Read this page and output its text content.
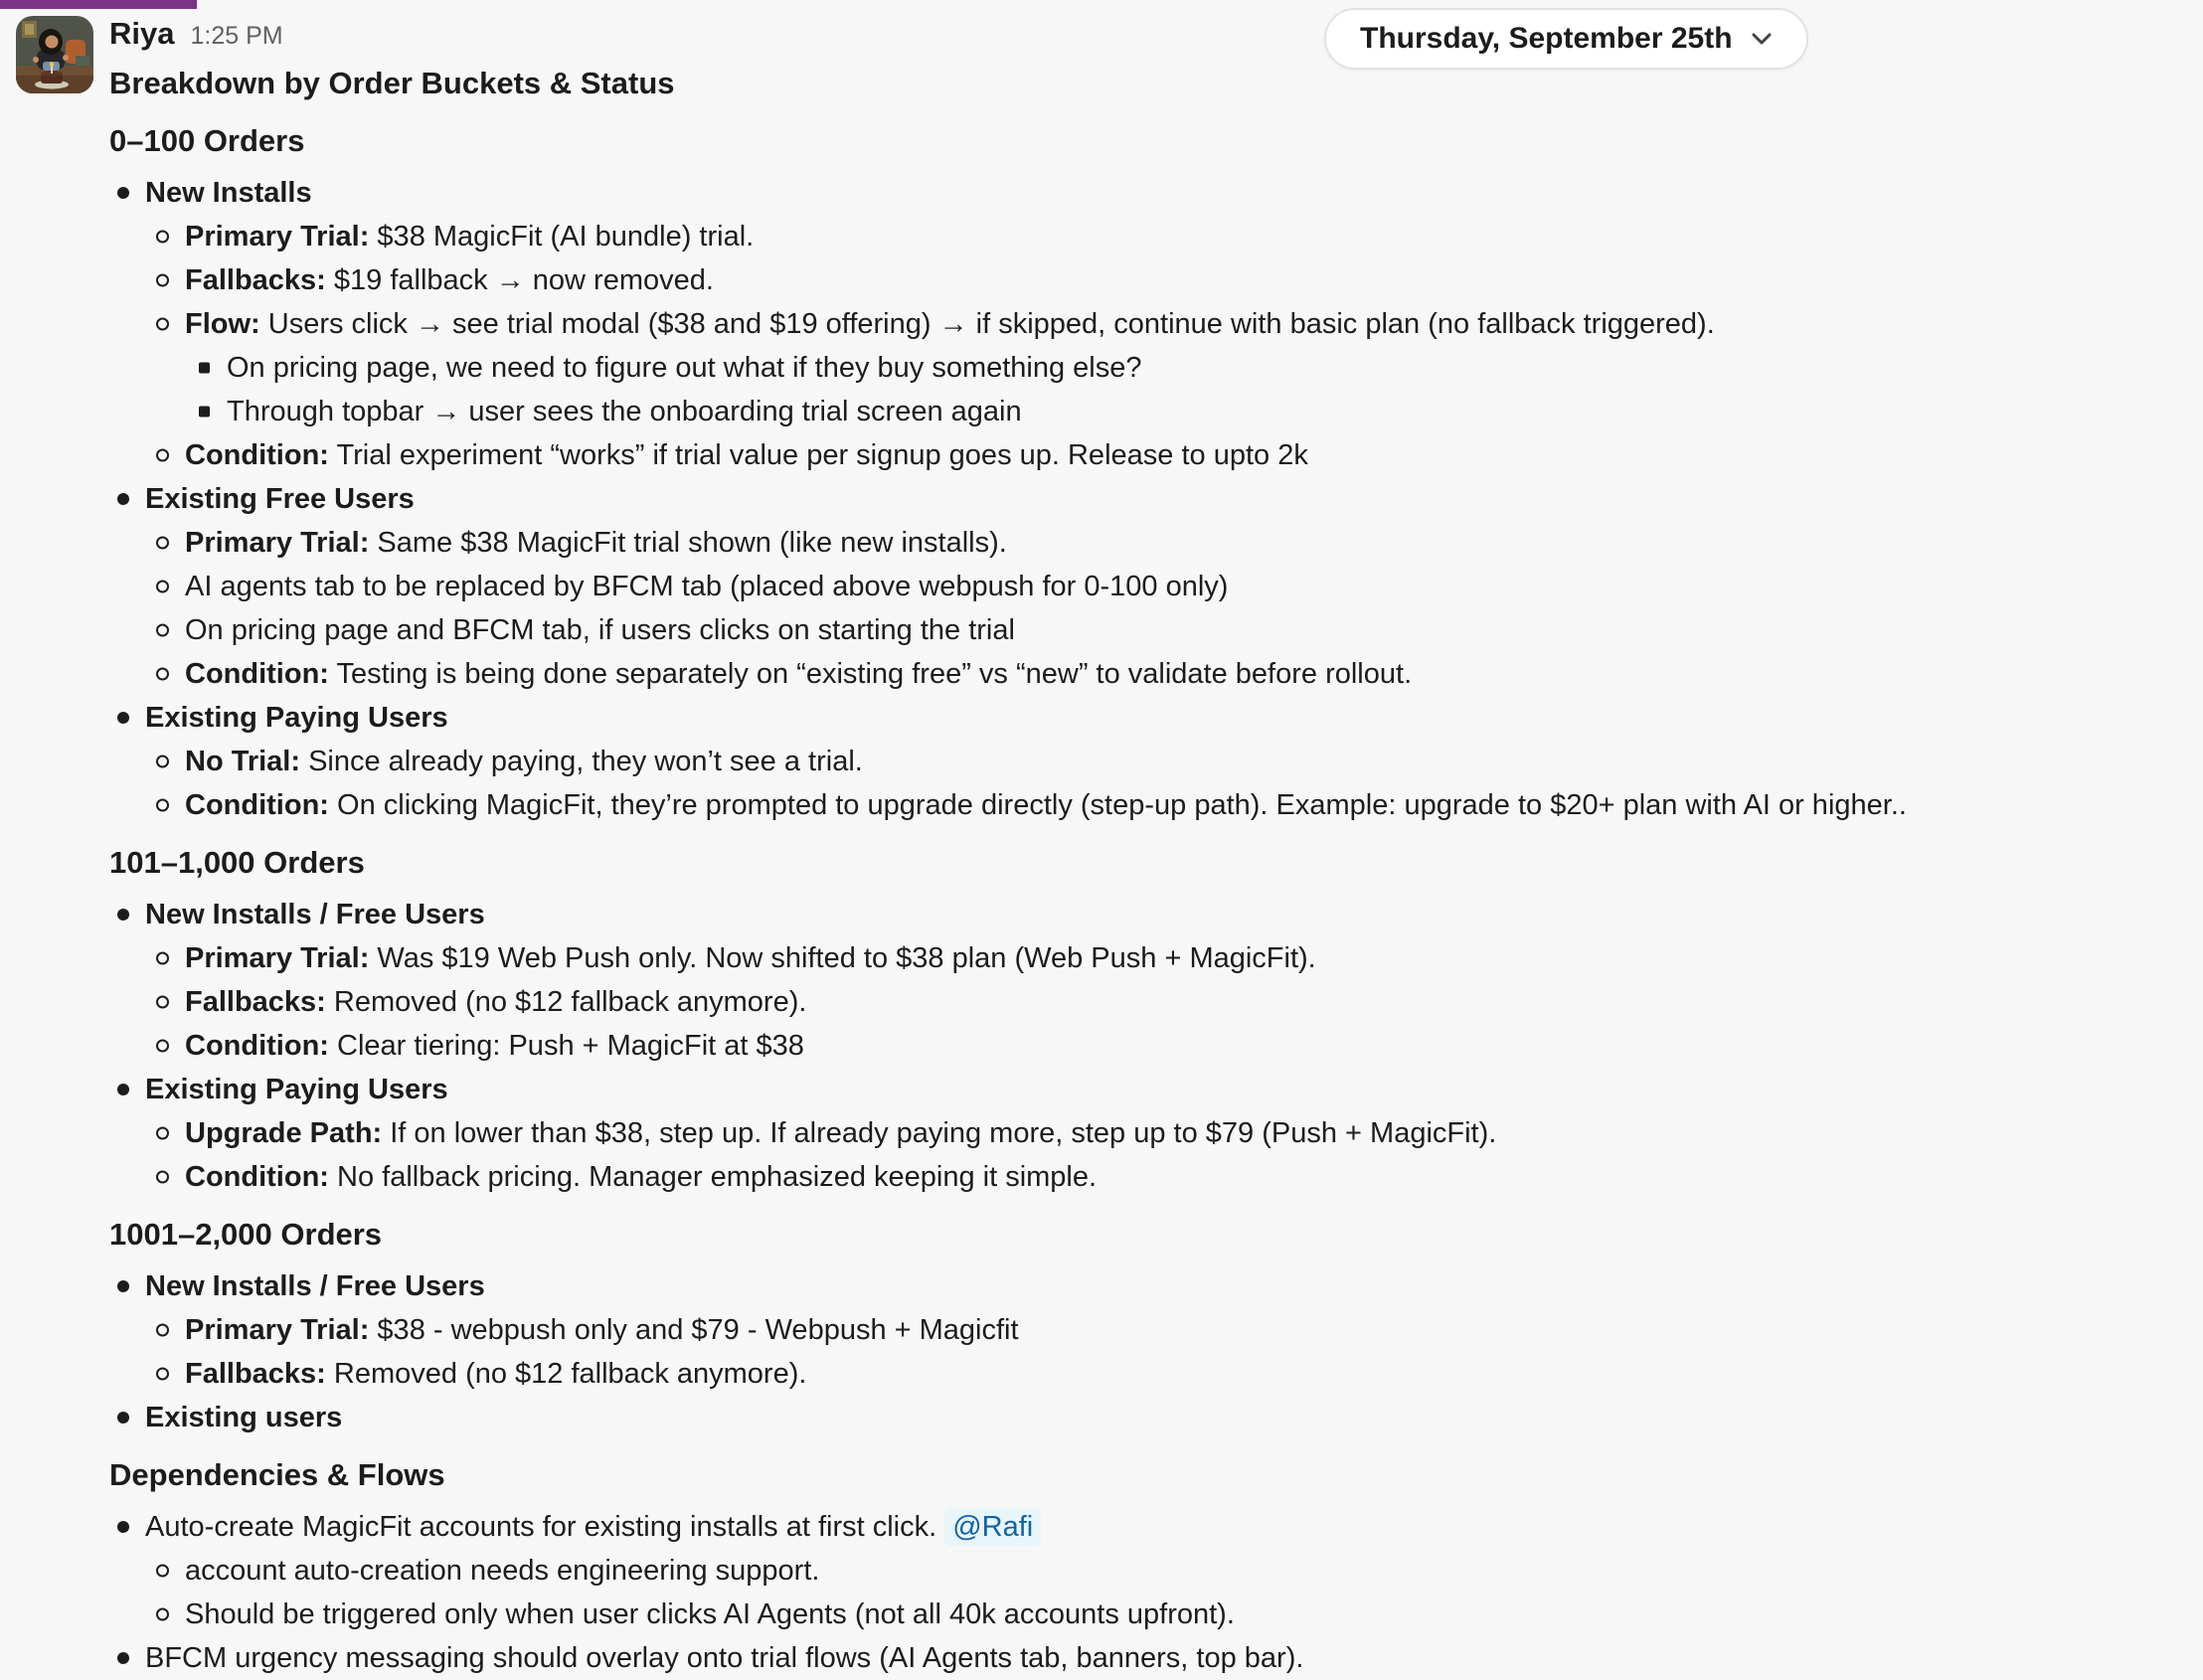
Riya 1:25 PM
Breakdown by Order Buckets & Status
0–100 Orders
New Installs
Primary Trial: $38 MagicFit (AI bundle) trial.
Fallbacks: $19 fallback → now removed.
Flow: Users click → see trial modal ($38 and $19 offering) → if skipped, continue with basic plan (no fallback triggered).
On pricing page, we need to figure out what if they buy something else?
Through topbar → user sees the onboarding trial screen again
Condition: Trial experiment “works” if trial value per signup goes up. Release to upto 2k
Existing Free Users
Primary Trial: Same $38 MagicFit trial shown (like new installs).
AI agents tab to be replaced by BFCM tab (placed above webpush for 0-100 only)
On pricing page and BFCM tab, if users clicks on starting the trial
Condition: Testing is being done separately on “existing free” vs “new” to validate before rollout.
Existing Paying Users
No Trial: Since already paying, they won’t see a trial.
Condition: On clicking MagicFit, they’re prompted to upgrade directly (step-up path). Example: upgrade to $20+ plan with AI or higher..
101–1,000 Orders
New Installs / Free Users
Primary Trial: Was $19 Web Push only. Now shifted to $38 plan (Web Push + MagicFit).
Fallbacks: Removed (no $12 fallback anymore).
Condition: Clear tiering: Push + MagicFit at $38
Existing Paying Users
Upgrade Path: If on lower than $38, step up. If already paying more, step up to $79 (Push + MagicFit).
Condition: No fallback pricing. Manager emphasized keeping it simple.
1001–2,000 Orders
New Installs / Free Users
Primary Trial: $38 - webpush only and $79 - Webpush + Magicfit
Fallbacks: Removed (no $12 fallback anymore).
Existing users
Dependencies & Flows
Auto-create MagicFit accounts for existing installs at first click. @Rafi
account auto-creation needs engineering support.
Should be triggered only when user clicks AI Agents (not all 40k accounts upfront).
BFCM urgency messaging should overlay onto trial flows (AI Agents tab, banners, top bar).
Thursday, September 25th
